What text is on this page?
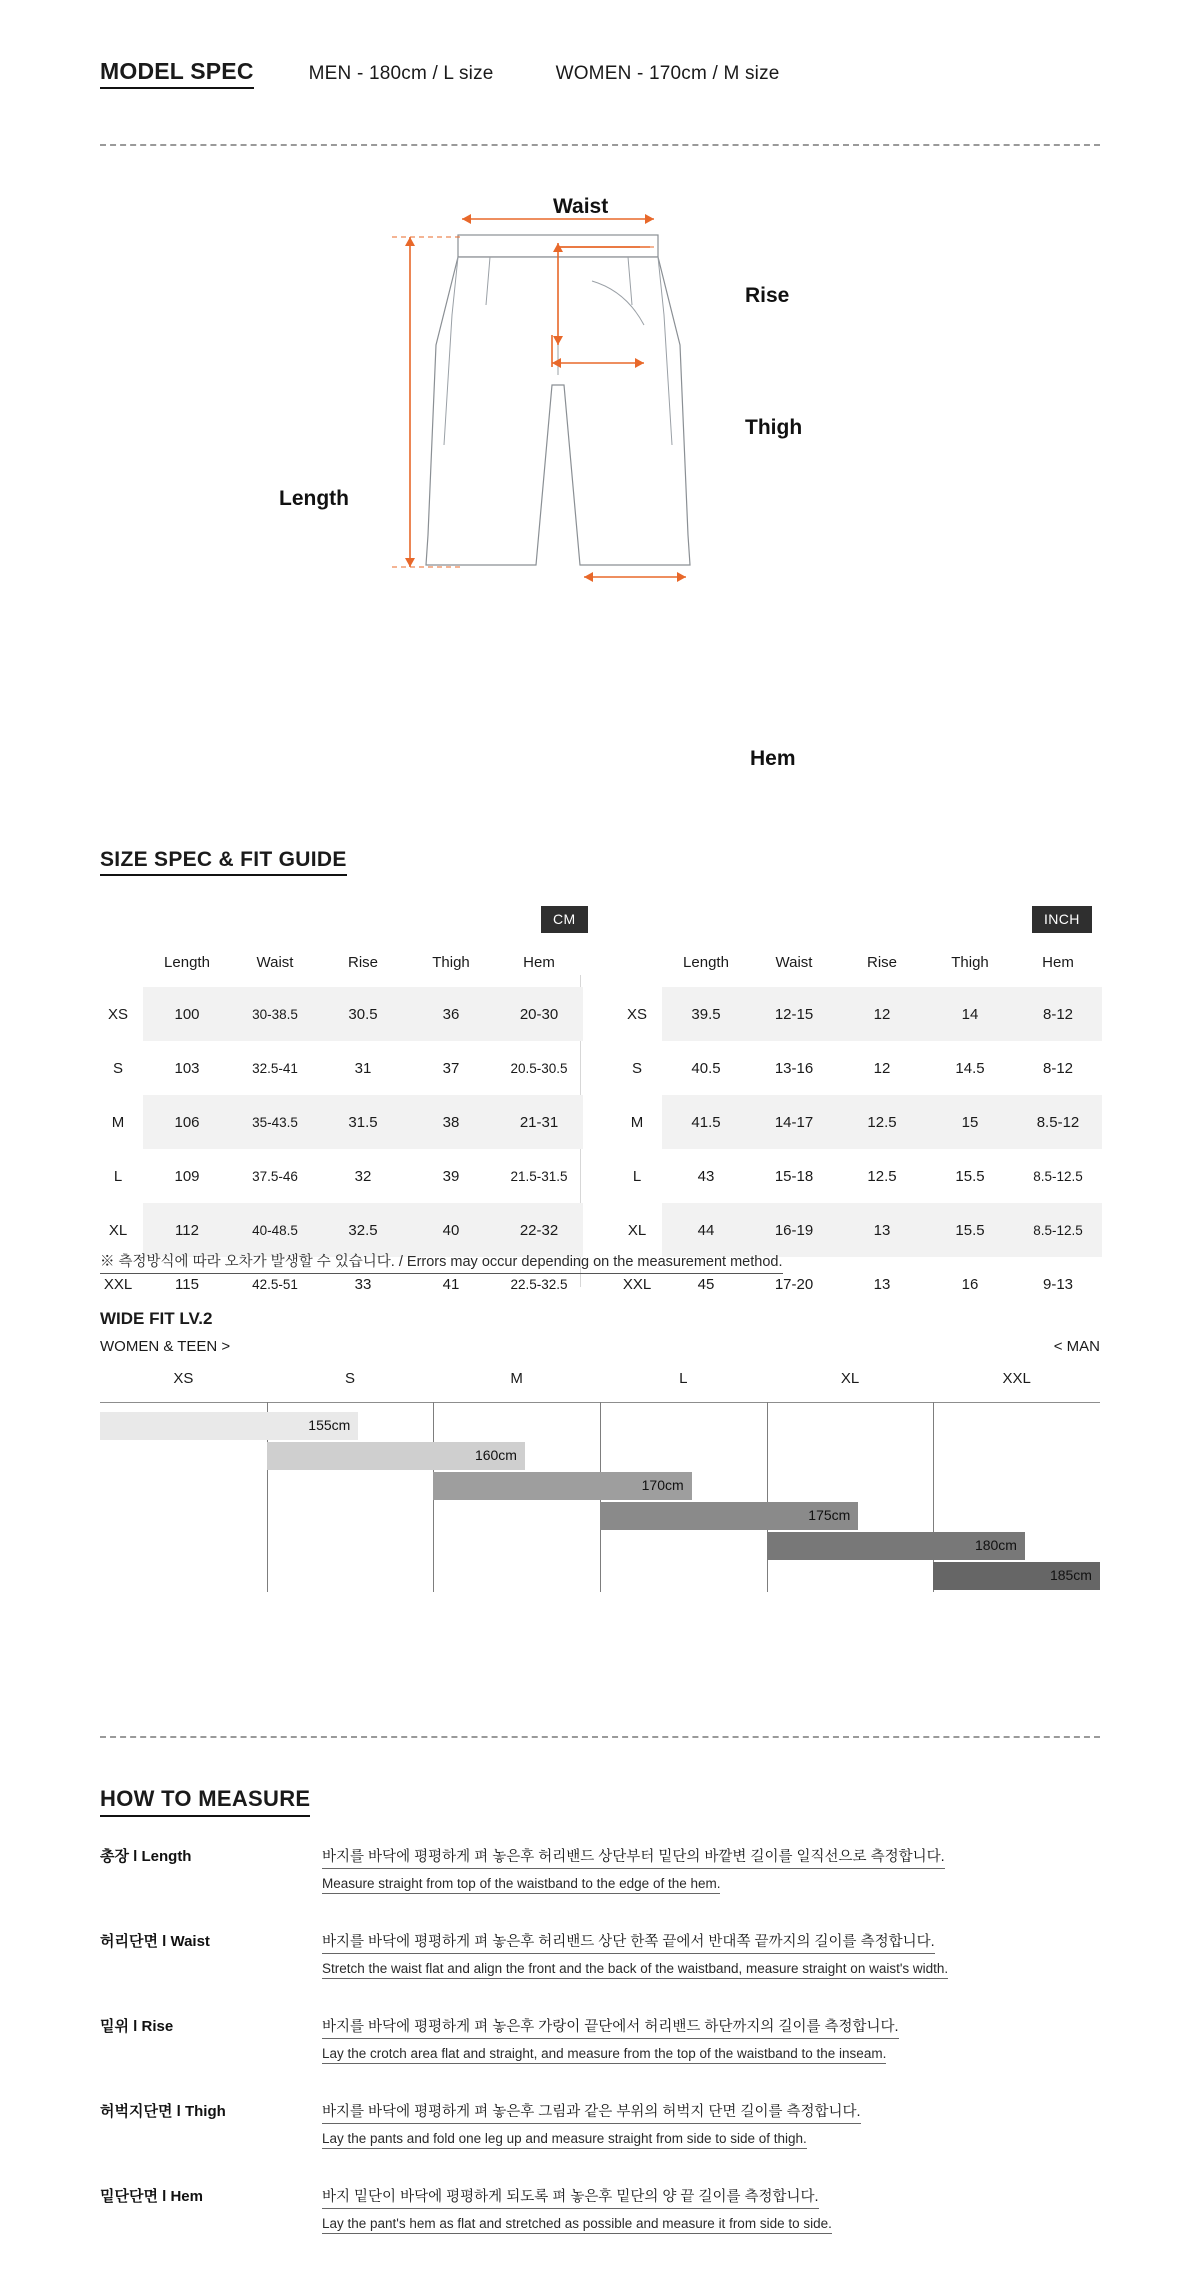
MODEL SPEC	MEN - 180cm / L size	WOMEN - 170cm / M size
Waist
Rise
Thigh
Length
Hem
SIZE SPEC & FIT GUIDE
CM	INCH
	Length	Waist	Rise	Thigh	Hem
XS	100	30-38.5	30.5	36	20-30
S	103	32.5-41	31	37	20.5-30.5
M	106	35-43.5	31.5	38	21-31
L	109	37.5-46	32	39	21.5-31.5
XL	112	40-48.5	32.5	40	22-32
XXL	115	42.5-51	33	41	22.5-32.5
	Length	Waist	Rise	Thigh	Hem
XS	39.5	12-15	12	14	8-12
S	40.5	13-16	12	14.5	8-12
M	41.5	14-17	12.5	15	8.5-12
L	43	15-18	12.5	15.5	8.5-12.5
XL	44	16-19	13	15.5	8.5-12.5
XXL	45	17-20	13	16	9-13
※ 측정방식에 따라 오차가 발생할 수 있습니다. / Errors may occur depending on the measurement method.
WIDE FIT LV.2
WOMEN & TEEN >	< MAN
XS	S	M	L	XL	XXL
155cm
160cm
170cm
175cm
180cm
185cm
HOW TO MEASURE
총장 l Length	바지를 바닥에 평평하게 펴 놓은후 허리밴드 상단부터 밑단의 바깥변 길이를 일직선으로 측정합니다.Measure straight from top of the waistband to the edge of the hem.
허리단면 l Waist	바지를 바닥에 평평하게 펴 놓은후 허리밴드 상단 한쪽 끝에서 반대쪽 끝까지의 길이를 측정합니다.Stretch the waist flat and align the front and the back of the waistband, measure straight on waist's width.
밑위 l Rise	바지를 바닥에 평평하게 펴 놓은후 가랑이 끝단에서 허리밴드 하단까지의 길이를 측정합니다.Lay the crotch area flat and straight, and measure from the top of the waistband to the inseam.
허벅지단면 l Thigh	바지를 바닥에 평평하게 펴 놓은후 그림과 같은 부위의 허벅지 단면 길이를 측정합니다.Lay the pants and fold one leg up and measure straight from side to side of thigh.
밑단단면 l Hem	바지 밑단이 바닥에 평평하게 되도록 펴 놓은후 밑단의 양 끝 길이를 측정합니다.Lay the pant's hem as flat and stretched as possible and measure it from side to side.
